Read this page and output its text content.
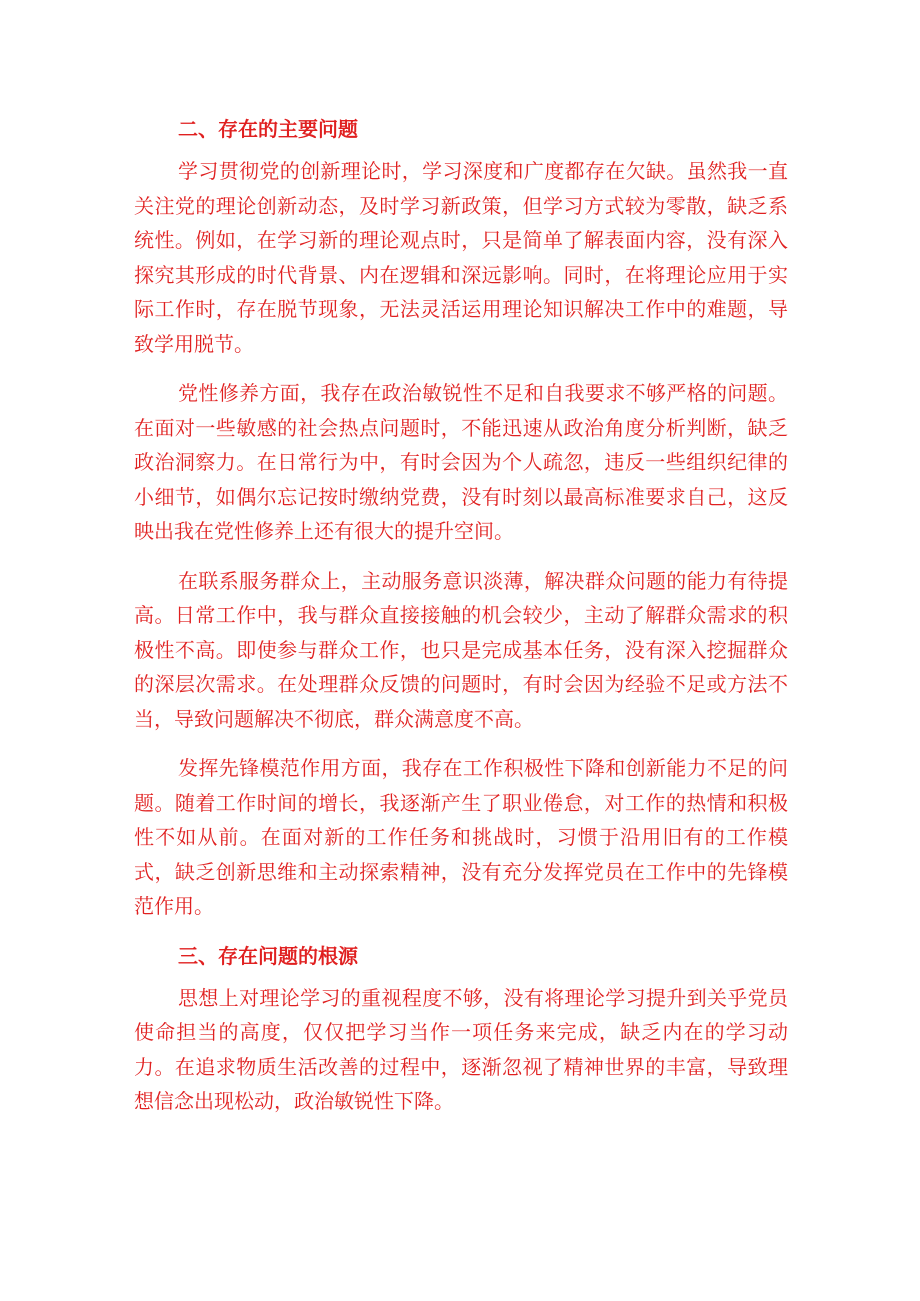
二、存在的主要问题

学习贯彻党的创新理论时，学习深度和广度都存在欠缺。虽然我一直关注党的理论创新动态，及时学习新政策，但学习方式较为零散，缺乏系统性。例如，在学习新的理论观点时，只是简单了解表面内容，没有深入探究其形成的时代背景、内在逻辑和深远影响。同时，在将理论应用于实际工作时，存在脱节现象，无法灵活运用理论知识解决工作中的难题，导致学用脱节。

党性修养方面，我存在政治敏锐性不足和自我要求不够严格的问题。在面对一些敏感的社会热点问题时，不能迅速从政治角度分析判断，缺乏政治洞察力。在日常行为中，有时会因为个人疏忽，违反一些组织纪律的小细节，如偶尔忘记按时缴纳党费，没有时刻以最高标准要求自己，这反映出我在党性修养上还有很大的提升空间。

在联系服务群众上，主动服务意识淡薄，解决群众问题的能力有待提高。日常工作中，我与群众直接接触的机会较少，主动了解群众需求的积极性不高。即使参与群众工作，也只是完成基本任务，没有深入挖掘群众的深层次需求。在处理群众反馈的问题时，有时会因为经验不足或方法不当，导致问题解决不彻底，群众满意度不高。

发挥先锋模范作用方面，我存在工作积极性下降和创新能力不足的问题。随着工作时间的增长，我逐渐产生了职业倦怠，对工作的热情和积极性不如从前。在面对新的工作任务和挑战时，习惯于沿用旧有的工作模式，缺乏创新思维和主动探索精神，没有充分发挥党员在工作中的先锋模范作用。

三、存在问题的根源

思想上对理论学习的重视程度不够，没有将理论学习提升到关乎党员使命担当的高度，仅仅把学习当作一项任务来完成，缺乏内在的学习动力。在追求物质生活改善的过程中，逐渐忽视了精神世界的丰富，导致理想信念出现松动，政治敏锐性下降。
